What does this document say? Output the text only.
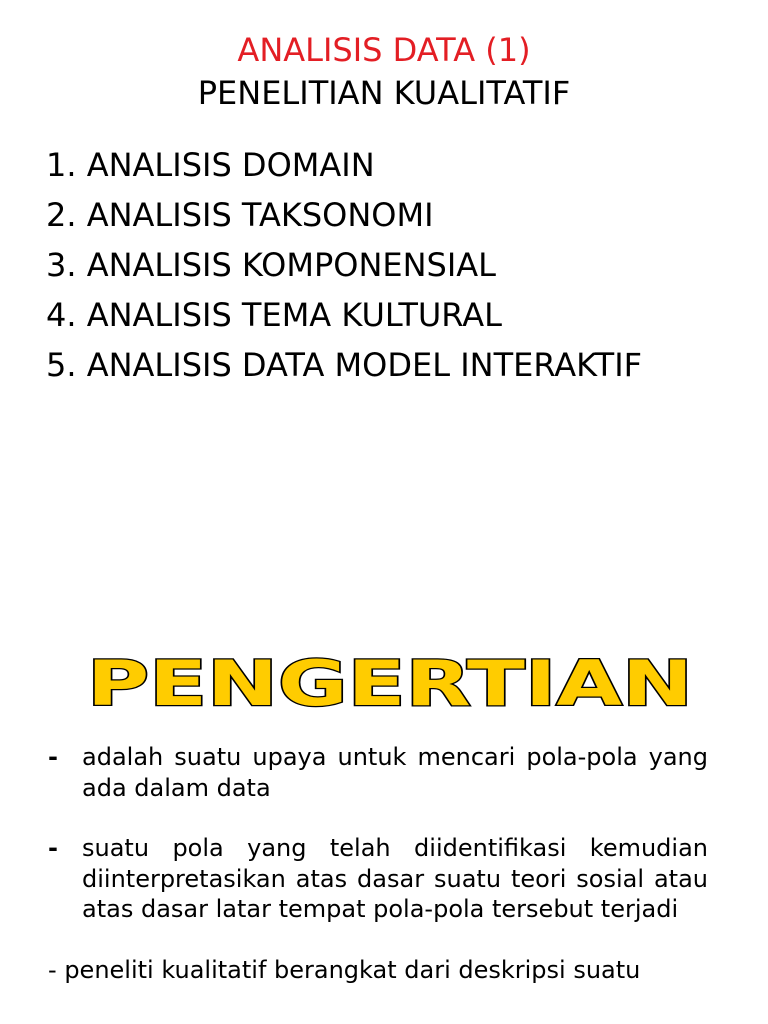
ANALISIS DATA (1)
PENELITIAN KUALITATIF
1. ANALISIS DOMAIN
2. ANALISIS TAKSONOMI
3. ANALISIS KOMPONENSIAL
4. ANALISIS TEMA KULTURAL
5. ANALISIS DATA MODEL INTERAKTIF
PENGERTIAN
-	adalah suatu upaya untuk mencari pola-pola yang ada dalam data
-	suatu pola yang telah diidentifikasi kemudian diinterpretasikan atas dasar suatu teori sosial atau atas dasar latar tempat pola-pola tersebut terjadi
- peneliti kualitatif berangkat dari deskripsi suatu
